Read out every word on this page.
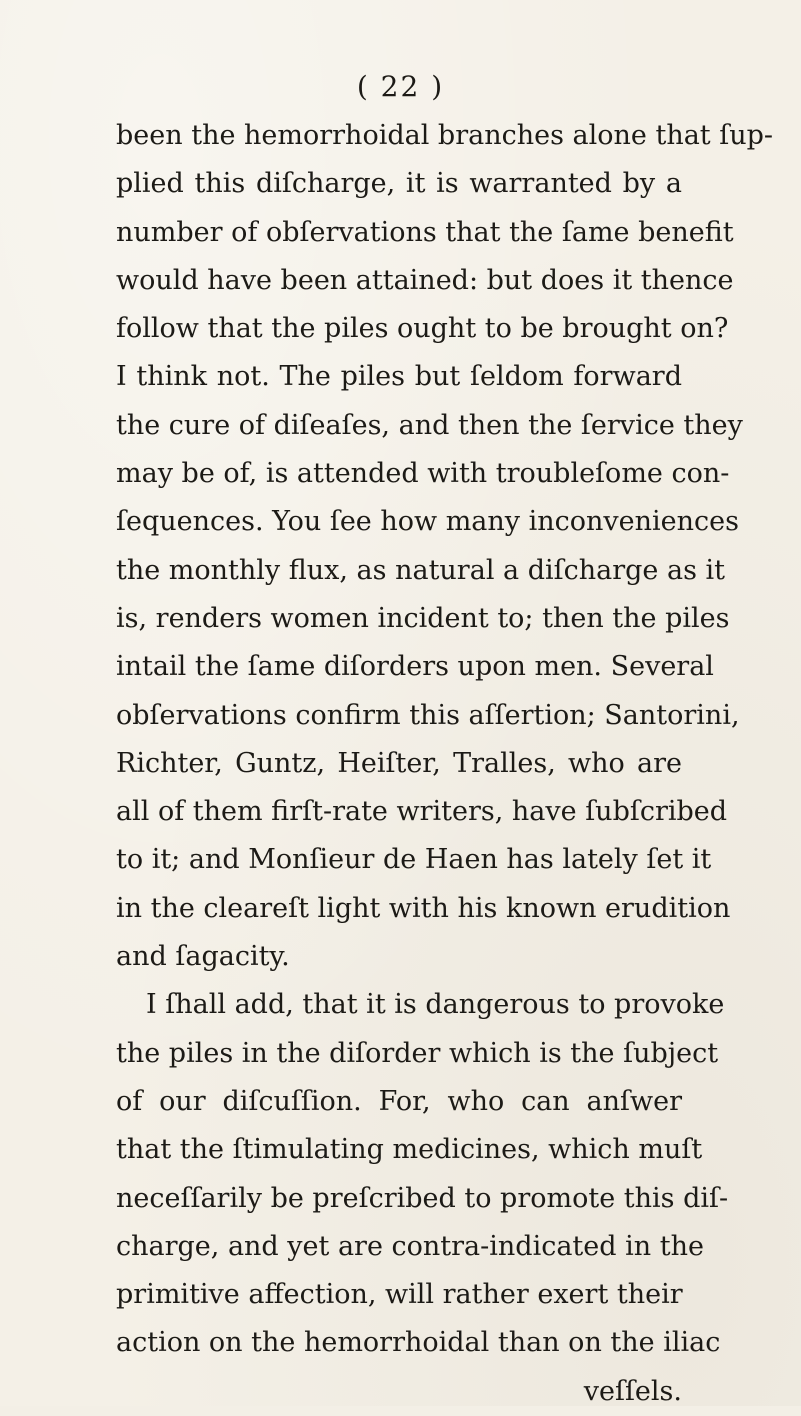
( 22 )
been the hemorrhoidal branches alone that ſup-
plied this diſcharge, it is warranted by a
number of obſervations that the ſame benefit
would have been attained: but does it thence
follow that the piles ought to be brought on?
I think not. The piles but ſeldom forward
the cure of diſeaſes, and then the ſervice they
may be of, is attended with troubleſome con-
ſequences. You ſee how many inconveniences
the monthly flux, as natural a diſcharge as it
is, renders women incident to; then the piles
intail the ſame diſorders upon men. Several
obſervations confirm this aſſertion; Santorini,
Richter, Guntz, Heiſter, Tralles, who are
all of them firſt-rate writers, have ſubſcribed
to it; and Monſieur de Haen has lately ſet it
in the cleareſt light with his known erudition
and ſagacity.
I ſhall add, that it is dangerous to provoke
the piles in the diſorder which is the ſubject
of our diſcuſſion. For, who can anſwer
that the ſtimulating medicines, which muſt
neceſſarily be preſcribed to promote this diſ-
charge, and yet are contra-indicated in the
primitive affection, will rather exert their
action on the hemorrhoidal than on the iliac
veſſels.
